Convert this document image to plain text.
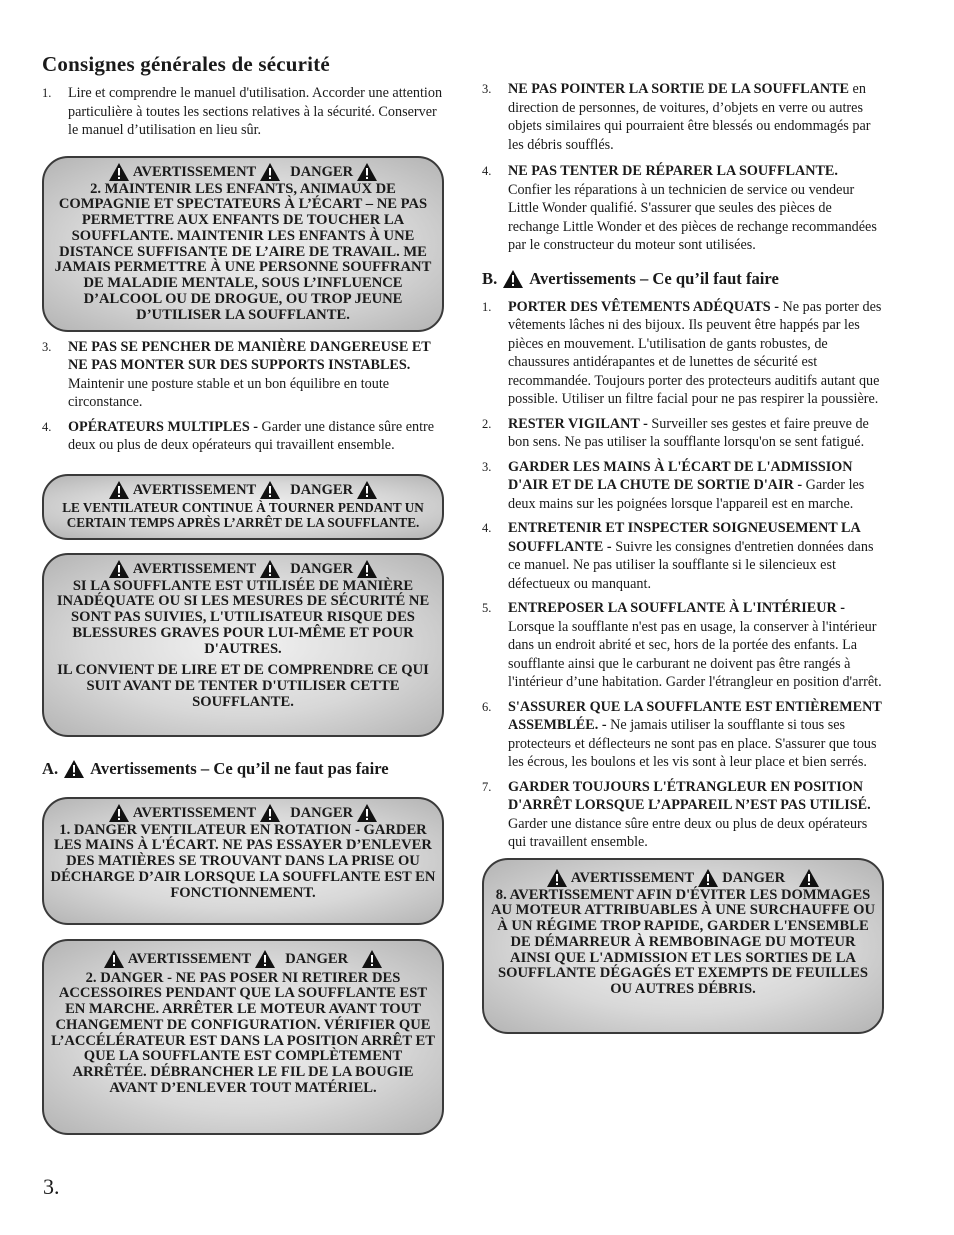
Consignes générales de sécurité
1. Lire et comprendre le manuel d'utilisation. Accorder une attention particulière à toutes les sections relatives à la sécurité. Conserver le manuel d’utilisation en lieu sûr.
AVERTISSEMENT DANGER
2. MAINTENIR LES ENFANTS, ANIMAUX DE COMPAGNIE ET SPECTATEURS À L’ÉCART – NE PAS PERMETTRE AUX ENFANTS DE TOUCHER LA SOUFFLANTE. MAINTENIR LES ENFANTS À UNE DISTANCE SUFFISANTE DE L’AIRE DE TRAVAIL. ME JAMAIS PERMETTRE À UNE PERSONNE SOUFFRANT DE MALADIE MENTALE, SOUS L’INFLUENCE D’ALCOOL OU DE DROGUE, OU TROP JEUNE D’UTILISER LA SOUFFLANTE.
3. NE PAS SE PENCHER DE MANIÈRE DANGEREUSE ET NE PAS MONTER SUR DES SUPPORTS INSTABLES. Maintenir une posture stable et un bon équilibre en toute circonstance.
4. OPÉRATEURS MULTIPLES - Garder une distance sûre entre deux ou plus de deux opérateurs qui travaillent ensemble.
AVERTISSEMENT DANGER
LE VENTILATEUR CONTINUE À TOURNER PENDANT UN CERTAIN TEMPS APRÈS L’ARRÊT DE LA SOUFFLANTE.
AVERTISSEMENT DANGER

SI LA SOUFFLANTE EST UTILISÉE DE MANIÈRE INADÉQUATE OU SI LES MESURES DE SÉCURITÉ NE SONT PAS SUIVIES, L'UTILISATEUR RISQUE DES BLESSURES GRAVES POUR LUI-MÊME ET POUR D'AUTRES.

IL CONVIENT DE LIRE ET DE COMPRENDRE CE QUI SUIT AVANT DE TENTER D'UTILISER CETTE SOUFFLANTE.

A. Avertissements – Ce qu’il ne faut pas faire
AVERTISSEMENT DANGER
1. DANGER VENTILATEUR EN ROTATION - GARDER LES MAINS À L'ÉCART. NE PAS ESSAYER D’ENLEVER DES MATIÈRES SE TROUVANT DANS LA PRISE OU DÉCHARGE D’AIR LORSQUE LA SOUFFLANTE EST EN FONCTIONNEMENT.
AVERTISSEMENT DANGER
2. DANGER - NE PAS POSER NI RETIRER DES ACCESSOIRES PENDANT QUE LA SOUFFLANTE EST EN MARCHE. ARRÊTER LE MOTEUR AVANT TOUT CHANGEMENT DE CONFIGURATION. VÉRIFIER QUE L’ACCÉLÉRATEUR EST DANS LA POSITION ARRÊT ET QUE LA SOUFFLANTE EST COMPLÈTEMENT ARRÊTÉE. DÉBRANCHER LE FIL DE LA BOUGIE AVANT D’ENLEVER TOUT MATÉRIEL.
3. NE PAS POINTER LA SORTIE DE LA SOUFFLANTE en direction de personnes, de voitures, d’objets en verre ou autres objets similaires qui pourraient être blessés ou endommagés par les débris soufflés.
4. NE PAS TENTER DE RÉPARER LA SOUFFLANTE.
Confier les réparations à un technicien de service ou vendeur Little Wonder qualifié. S'assurer que seules des pièces de rechange Little Wonder et des pièces de rechange recommandées par le constructeur du moteur sont utilisées.
B. Avertissements – Ce qu’il faut faire
1. PORTER DES VÊTEMENTS ADÉQUATS - Ne pas porter des vêtements lâches ni des bijoux. Ils peuvent être happés par les pièces en mouvement. L'utilisation de gants robustes, de chaussures antidérapantes et de lunettes de sécurité est recommandée. Toujours porter des protecteurs auditifs autant que possible. Utiliser un filtre facial pour ne pas respirer la poussière.
2. RESTER VIGILANT - Surveiller ses gestes et faire preuve de bon sens. Ne pas utiliser la soufflante lorsqu'on se sent fatigué.
3. GARDER LES MAINS À L'ÉCART DE L'ADMISSION D'AIR ET DE LA CHUTE DE SORTIE D'AIR - Garder les deux mains sur les poignées lorsque l'appareil est en marche.
4. ENTRETENIR ET INSPECTER SOIGNEUSEMENT LA SOUFFLANTE - Suivre les consignes d'entretien données dans ce manuel. Ne pas utiliser la soufflante si le silencieux est défectueux ou manquant.
5. ENTREPOSER LA SOUFFLANTE À L'INTÉRIEUR - Lorsque la soufflante n'est pas en usage, la conserver à l'intérieur dans un endroit abrité et sec, hors de la portée des enfants. La soufflante ainsi que le carburant ne doivent pas être rangés à l'intérieur d’une habitation. Garder l'étrangleur en position d'arrêt.
6. S'ASSURER QUE LA SOUFFLANTE EST ENTIÈREMENT ASSEMBLÉE. - Ne jamais utiliser la soufflante si tous ses protecteurs et déflecteurs ne sont pas en place. S'assurer que tous les écrous, les boulons et les vis sont à leur place et bien serrés.
7. GARDER TOUJOURS L'ÉTRANGLEUR EN POSITION D'ARRÊT LORSQUE L’APPAREIL N’EST PAS UTILISÉ.
Garder une distance sûre entre deux ou plus de deux opérateurs qui travaillent ensemble.
AVERTISSEMENT DANGER
8. AVERTISSEMENT AFIN D'ÉVITER LES DOMMAGES AU MOTEUR ATTRIBUABLES À UNE SURCHAUFFE OU À UN RÉGIME TROP RAPIDE, GARDER L'ENSEMBLE DE DÉMARREUR À REMBOBINAGE DU MOTEUR AINSI QUE L'ADMISSION ET LES SORTIES DE LA SOUFFLANTE DÉGAGÉS ET EXEMPTS DE FEUILLES OU AUTRES DÉBRIS.
3.
